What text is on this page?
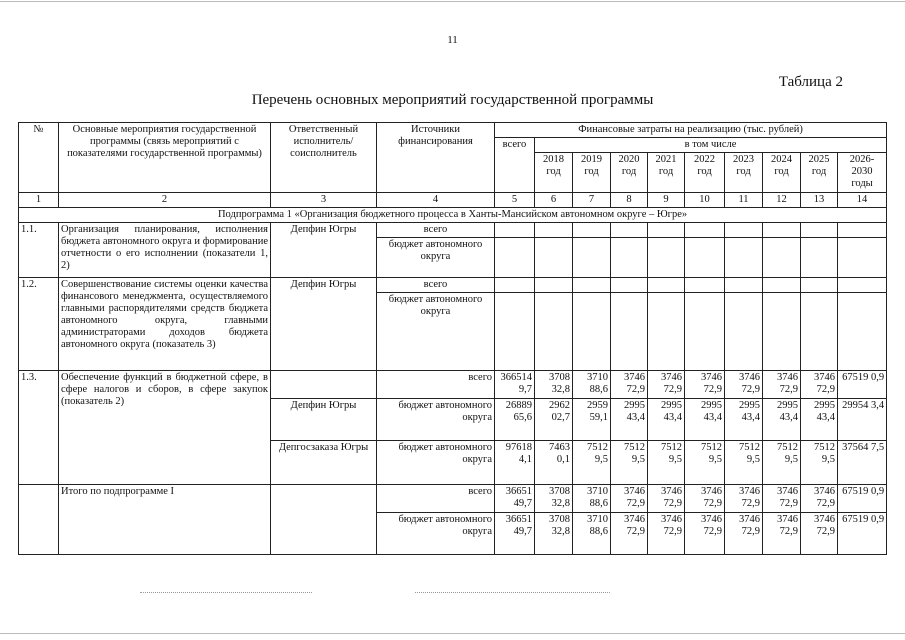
11
Таблица 2
Перечень основных мероприятий государственной программы
№	Основные мероприятия государственной программы (связь мероприятий с показателями государственной программы)	Ответственный исполнитель/ соисполнитель	Источники финансирования	Финансовые затраты на реализацию (тыс. рублей)									
				всего	в том числе								
					2018 год	2019 год	2020 год	2021 год	2022 год	2023 год	2024 год	2025 год	2026-2030 годы
1	2	3	4	5	6	7	8	9	10	11	12	13	14
Подпрограмма 1 «Организация бюджетного процесса в Ханты-Мансийском автономном округе – Югре»													
1.1.	Организация планирования, исполнения бюджета автономного округа и формирование отчетности о его исполнении (показатели 1, 2)	Депфин Югры	всего										
			бюджет автономного округа										
1.2.	Совершенствование системы оценки качества финансового менеджмента, осуществляемого главными распорядителями средств бюджета автономного округа, главными администраторами доходов бюджета автономного округа (показатель 3)	Депфин Югры	всего										
			бюджет автономного округа										
1.3.	Обеспечение функций в бюджетной сфере, в сфере налогов и сборов, в сфере закупок (показатель 2)		всего	366514 9,7	3708 32,8	3710 88,6	3746 72,9	3746 72,9	3746 72,9	3746 72,9	3746 72,9	3746 72,9	67519 0,9
		Депфин Югры	бюджет автономного округа	26889 65,6	2962 02,7	2959 59,1	2995 43,4	2995 43,4	2995 43,4	2995 43,4	2995 43,4	2995 43,4	29954 3,4
		Депгосзаказа Югры	бюджет автономного округа	97618 4,1	7463 0,1	7512 9,5	7512 9,5	7512 9,5	7512 9,5	7512 9,5	7512 9,5	7512 9,5	37564 7,5
	Итого по подпрограмме I		всего	36651 49,7	3708 32,8	3710 88,6	3746 72,9	3746 72,9	3746 72,9	3746 72,9	3746 72,9	3746 72,9	67519 0,9
			бюджет автономного округа	36651 49,7	3708 32,8	3710 88,6	3746 72,9	3746 72,9	3746 72,9	3746 72,9	3746 72,9	3746 72,9	67519 0,9
